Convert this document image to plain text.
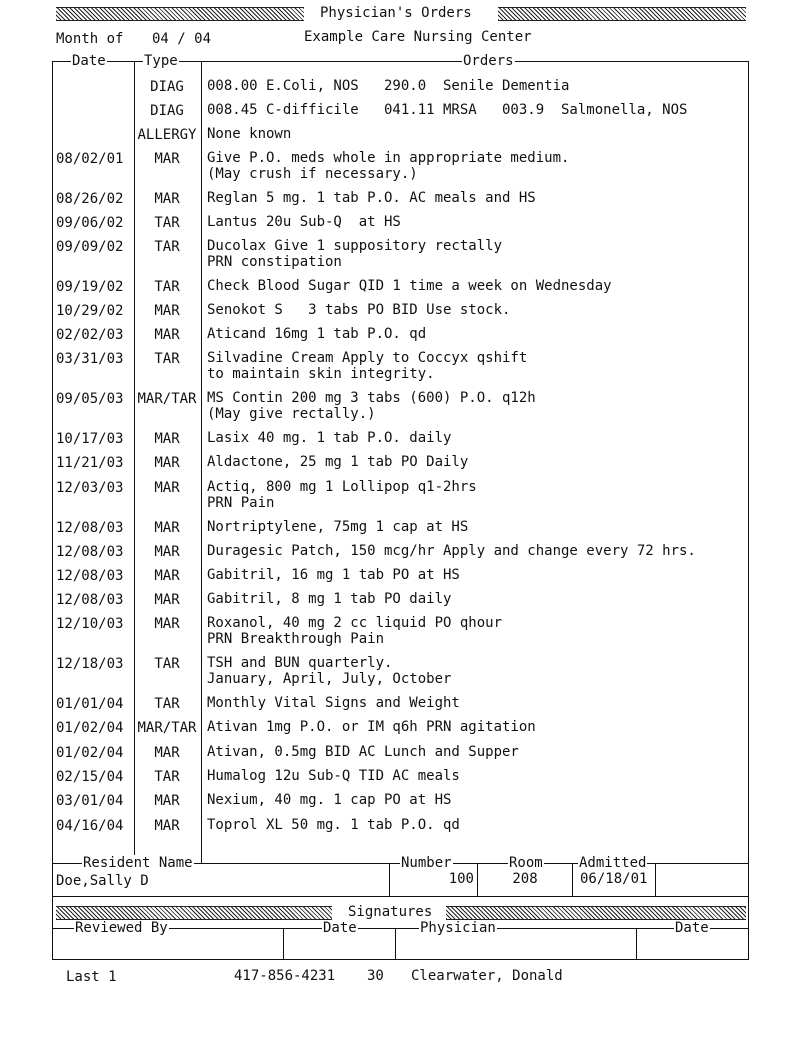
Physician's Orders
Month of 04 / 04	Example Care Nursing Center
Date	Type	Orders
DIAG	008.00 E.Coli, NOS   290.0  Senile Dementia
DIAG	008.45 C-difficile   041.11 MRSA   003.9  Salmonella, NOS
ALLERGY None known
08/02/01	MAR	Give P.O. meds whole in appropriate medium.
(May crush if necessary.)
08/26/02	MAR	Reglan 5 mg. 1 tab P.O. AC meals and HS
09/06/02	TAR	Lantus 20u Sub-Q  at HS
09/09/02	TAR	Ducolax Give 1 suppository rectally
PRN constipation
09/19/02	TAR	Check Blood Sugar QID 1 time a week on Wednesday
10/29/02	MAR	Senokot S   3 tabs PO BID Use stock.
02/02/03	MAR	Aticand 16mg 1 tab P.O. qd
03/31/03	TAR	Silvadine Cream Apply to Coccyx qshift
to maintain skin integrity.
09/05/03	MAR/TAR MS Contin 200 mg 3 tabs (600) P.O. q12h
(May give rectally.)
10/17/03	MAR	Lasix 40 mg. 1 tab P.O. daily
11/21/03	MAR	Aldactone, 25 mg 1 tab PO Daily
12/03/03	MAR	Actiq, 800 mg 1 Lollipop q1-2hrs
PRN Pain
12/08/03	MAR	Nortriptylene, 75mg 1 cap at HS
12/08/03	MAR	Duragesic Patch, 150 mcg/hr Apply and change every 72 hrs.
12/08/03	MAR	Gabitril, 16 mg 1 tab PO at HS
12/08/03	MAR	Gabitril, 8 mg 1 tab PO daily
12/10/03	MAR	Roxanol, 40 mg 2 cc liquid PO qhour
PRN Breakthrough Pain
12/18/03	TAR	TSH and BUN quarterly.
January, April, July, October
01/01/04	TAR	Monthly Vital Signs and Weight
01/02/04	MAR/TAR Ativan 1mg P.O. or IM q6h PRN agitation
01/02/04	MAR	Ativan, 0.5mg BID AC Lunch and Supper
02/15/04	TAR	Humalog 12u Sub-Q TID AC meals
03/01/04	MAR	Nexium, 40 mg. 1 cap PO at HS
04/16/04	MAR	Toprol XL 50 mg. 1 tab P.O. qd
Resident Name	Number	Room	Admitted
Doe,Sally D	100	208	06/18/01
Signatures
Reviewed By	Date	Physician	Date
Last 1	417-856-4231 30 Clearwater, Donald
